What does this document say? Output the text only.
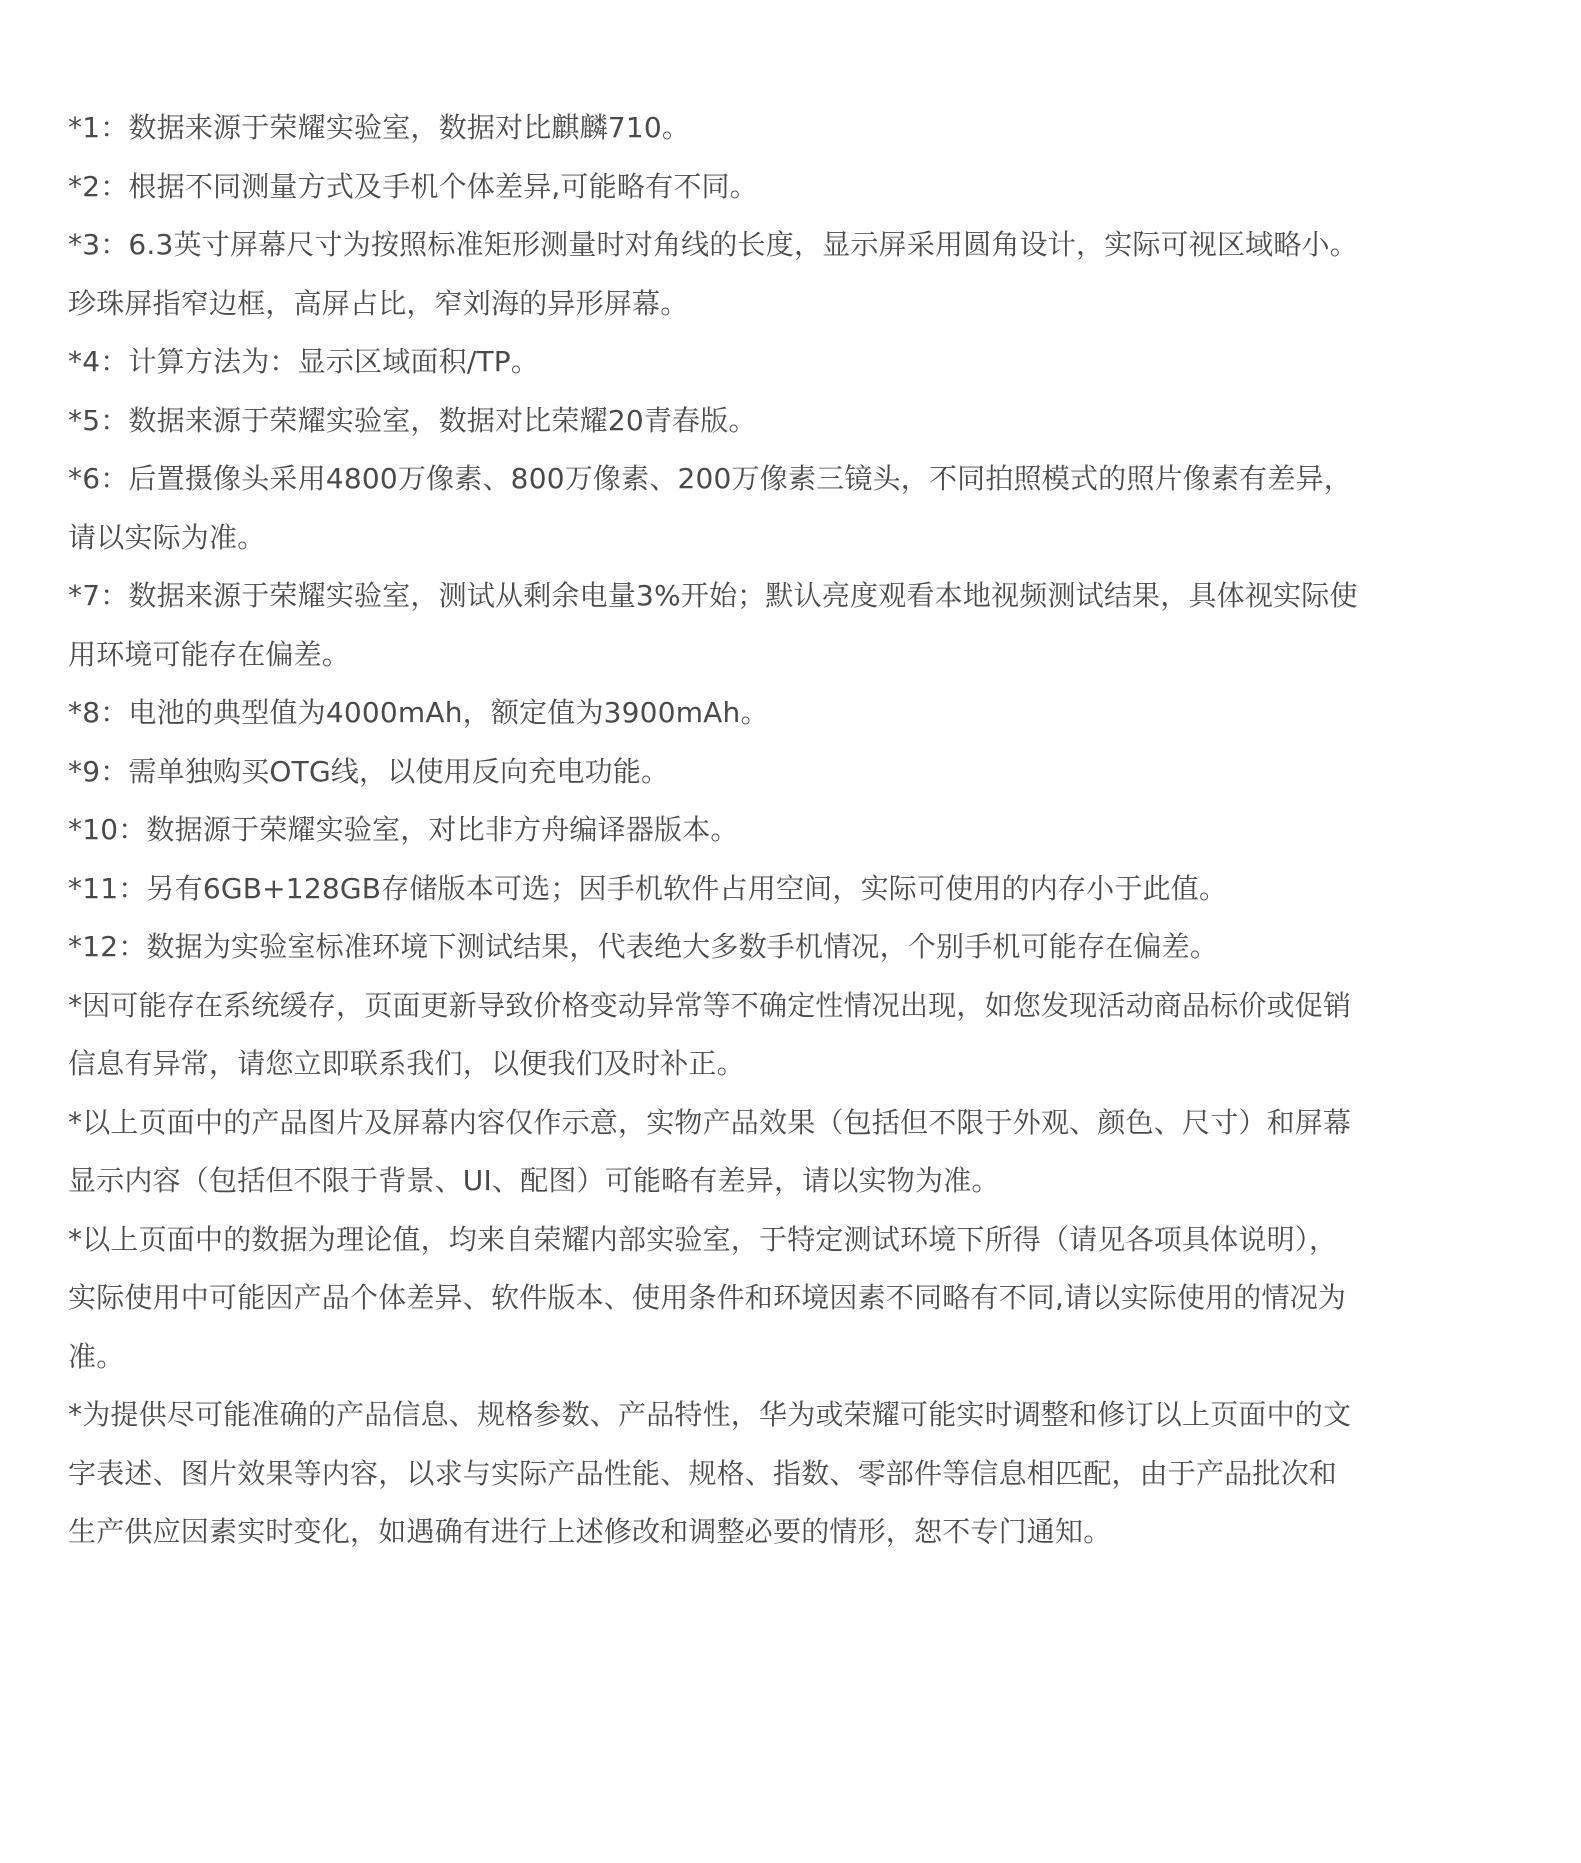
*1：数据来源于荣耀实验室，数据对比麒麟710。
*2：根据不同测量方式及手机个体差异,可能略有不同。
*3：6.3英寸屏幕尺寸为按照标准矩形测量时对角线的长度，显示屏采用圆角设计，实际可视区域略小。
珍珠屏指窄边框，高屏占比，窄刘海的异形屏幕。
*4：计算方法为：显示区域面积/TP。
*5：数据来源于荣耀实验室，数据对比荣耀20青春版。
*6：后置摄像头采用4800万像素、800万像素、200万像素三镜头，不同拍照模式的照片像素有差异，
请以实际为准。
*7：数据来源于荣耀实验室，测试从剩余电量3%开始；默认亮度观看本地视频测试结果，具体视实际使
用环境可能存在偏差。
*8：电池的典型值为4000mAh，额定值为3900mAh。
*9：需单独购买OTG线，以使用反向充电功能。
*10：数据源于荣耀实验室，对比非方舟编译器版本。
*11：另有6GB+128GB存储版本可选；因手机软件占用空间，实际可使用的内存小于此值。
*12：数据为实验室标准环境下测试结果，代表绝大多数手机情况，个别手机可能存在偏差。
*因可能存在系统缓存，页面更新导致价格变动异常等不确定性情况出现，如您发现活动商品标价或促销
信息有异常，请您立即联系我们，以便我们及时补正。
*以上页面中的产品图片及屏幕内容仅作示意，实物产品效果（包括但不限于外观、颜色、尺寸）和屏幕
显示内容（包括但不限于背景、UI、配图）可能略有差异，请以实物为准。
*以上页面中的数据为理论值，均来自荣耀内部实验室，于特定测试环境下所得（请见各项具体说明），
实际使用中可能因产品个体差异、软件版本、使用条件和环境因素不同略有不同,请以实际使用的情况为
准。
*为提供尽可能准确的产品信息、规格参数、产品特性，华为或荣耀可能实时调整和修订以上页面中的文
字表述、图片效果等内容，以求与实际产品性能、规格、指数、零部件等信息相匹配，由于产品批次和
生产供应因素实时变化，如遇确有进行上述修改和调整必要的情形，恕不专门通知。
